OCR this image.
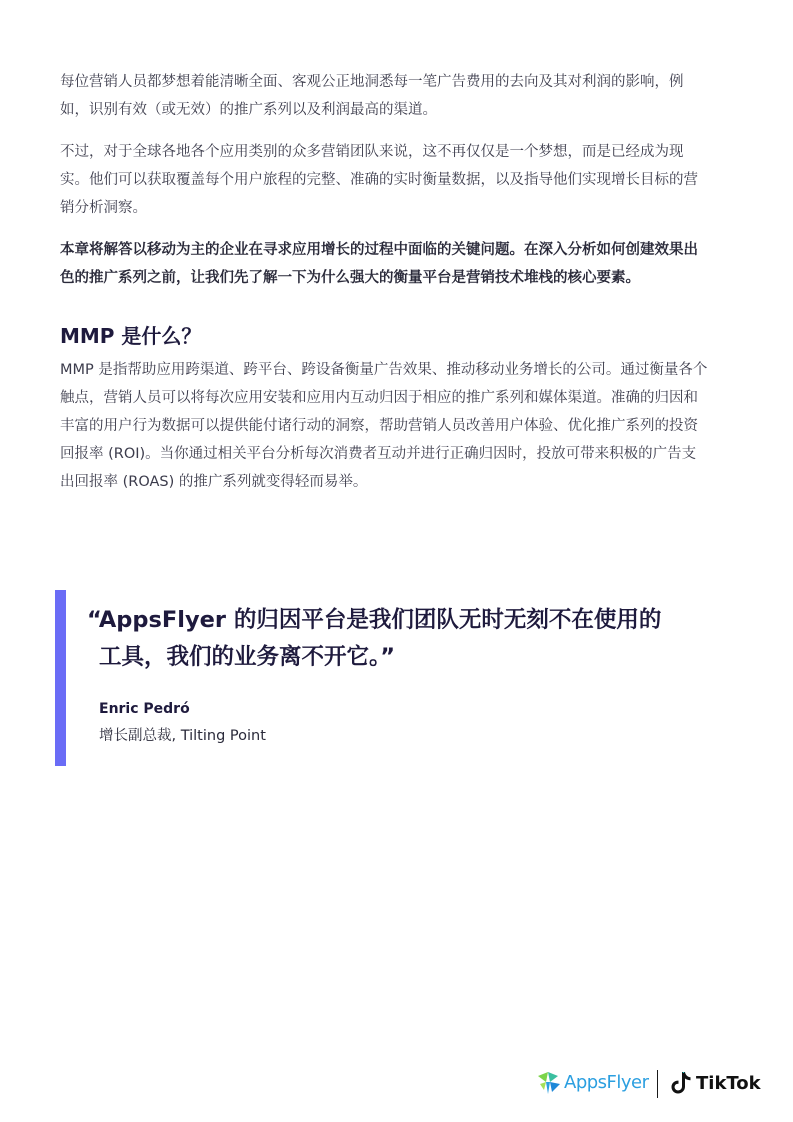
每位营销人员都梦想着能清晰全面、客观公正地洞悉每一笔广告费用的去向及其对利润的影响，例如，识别有效（或无效）的推广系列以及利润最高的渠道。

不过，对于全球各地各个应用类别的众多营销团队来说，这不再仅仅是一个梦想，而是已经成为现实。他们可以获取覆盖每个用户旅程的完整、准确的实时衡量数据，以及指导他们实现增长目标的营销分析洞察。

本章将解答以移动为主的企业在寻求应用增长的过程中面临的关键问题。在深入分析如何创建效果出色的推广系列之前，让我们先了解一下为什么强大的衡量平台是营销技术堆栈的核心要素。

MMP 是什么？

MMP 是指帮助应用跨渠道、跨平台、跨设备衡量广告效果、推动移动业务增长的公司。通过衡量各个触点，营销人员可以将每次应用安装和应用内互动归因于相应的推广系列和媒体渠道。准确的归因和丰富的用户行为数据可以提供能付诸行动的洞察，帮助营销人员改善用户体验、优化推广系列的投资回报率 (ROI)。当你通过相关平台分析每次消费者互动并进行正确归因时，投放可带来积极的广告支出回报率 (ROAS) 的推广系列就变得轻而易举。

“AppsFlyer 的归因平台是我们团队无时无刻不在使用的
工具，我们的业务离不开它。”
Enric Pedró
增长副总裁, Tilting Point
AppsFlyer	TikTok
